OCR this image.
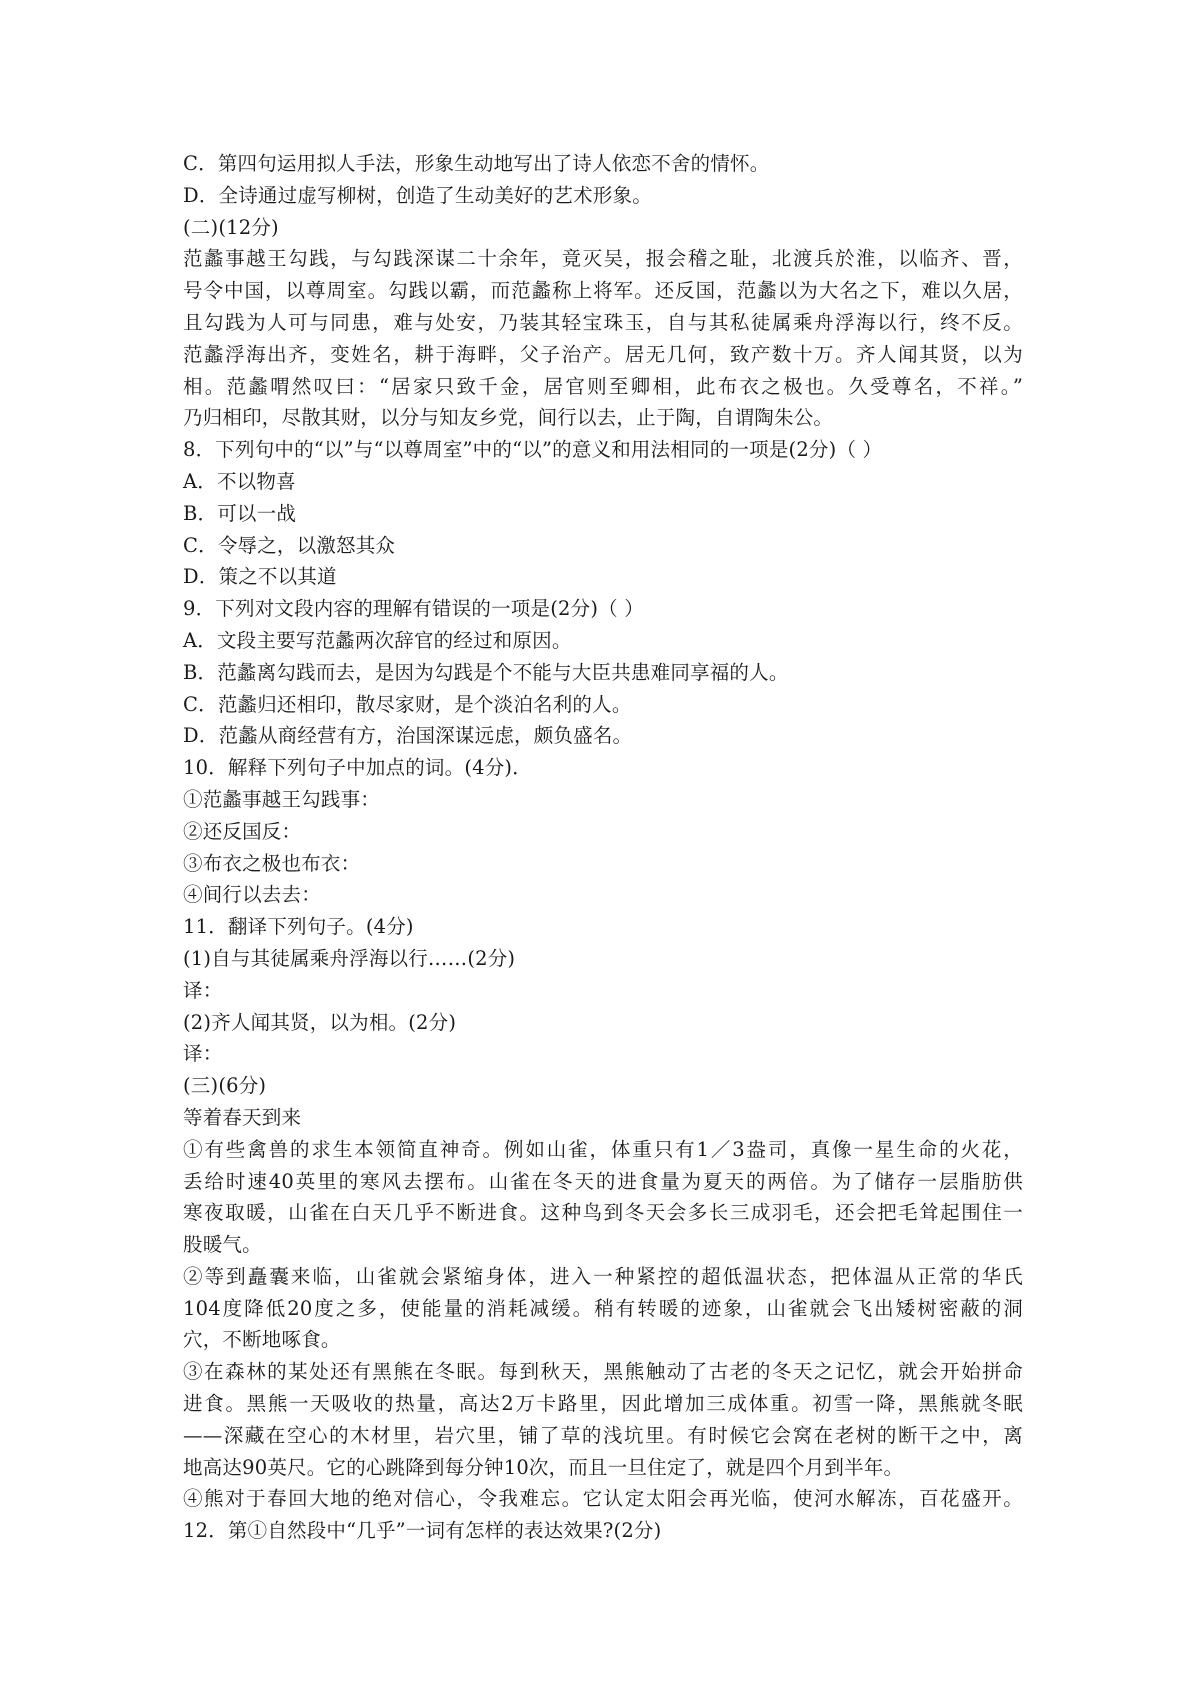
C．第四句运用拟人手法，形象生动地写出了诗人依恋不舍的情怀。
D．全诗通过虚写柳树，创造了生动美好的艺术形象。
(二)(12分)
范蠡事越王勾践，与勾践深谋二十余年，竟灭吴，报会稽之耻，北渡兵於淮，以临齐、晋，
号令中国，以尊周室。勾践以霸，而范蠡称上将军。还反国，范蠡以为大名之下，难以久居，
且勾践为人可与同患，难与处安，乃装其轻宝珠玉，自与其私徒属乘舟浮海以行，终不反。
范蠡浮海出齐，变姓名，耕于海畔，父子治产。居无几何，致产数十万。齐人闻其贤，以为
相。范蠡喟然叹曰：“居家只致千金，居官则至卿相，此布衣之极也。久受尊名，不祥。”
乃归相印，尽散其财，以分与知友乡党，间行以去，止于陶，自谓陶朱公。
8．下列句中的“以”与“以尊周室”中的“以”的意义和用法相同的一项是(2分)（ ）
A．不以物喜
B．可以一战
C．令辱之，以激怒其众
D．策之不以其道
9．下列对文段内容的理解有错误的一项是(2分)（ ）
A．文段主要写范蠡两次辞官的经过和原因。
B．范蠡离勾践而去，是因为勾践是个不能与大臣共患难同享福的人。
C．范蠡归还相印，散尽家财，是个淡泊名利的人。
D．范蠡从商经营有方，治国深谋远虑，颇负盛名。
10．解释下列句子中加点的词。(4分)．
①范蠡事越王勾践事：
②还反国反：
③布衣之极也布衣：
④间行以去去：
11．翻译下列句子。(4分)
(1)自与其徒属乘舟浮海以行……(2分)
译：
(2)齐人闻其贤，以为相。(2分)
译：
(三)(6分)
等着春天到来
①有些禽兽的求生本领简直神奇。例如山雀，体重只有1／3盎司，真像一星生命的火花，
丢给时速40英里的寒风去摆布。山雀在冬天的进食量为夏天的两倍。为了储存一层脂肪供
寒夜取暖，山雀在白天几乎不断进食。这种鸟到冬天会多长三成羽毛，还会把毛耸起围住一
股暖气。
②等到矗囊来临，山雀就会紧缩身体，进入一种紧控的超低温状态，把体温从正常的华氏
104度降低20度之多，使能量的消耗减缓。稍有转暖的迹象，山雀就会飞出矮树密蔽的洞
穴，不断地啄食。
③在森林的某处还有黑熊在冬眠。每到秋天，黑熊触动了古老的冬天之记忆，就会开始拼命
进食。黑熊一天吸收的热量，高达2万卡路里，因此增加三成体重。初雪一降，黑熊就冬眠
——深藏在空心的木材里，岩穴里，铺了草的浅坑里。有时候它会窝在老树的断干之中，离
地高达90英尺。它的心跳降到每分钟10次，而且一旦住定了，就是四个月到半年。
④熊对于春回大地的绝对信心，令我难忘。它认定太阳会再光临，使河水解冻，百花盛开。
12．第①自然段中“几乎”一词有怎样的表达效果?(2分)
